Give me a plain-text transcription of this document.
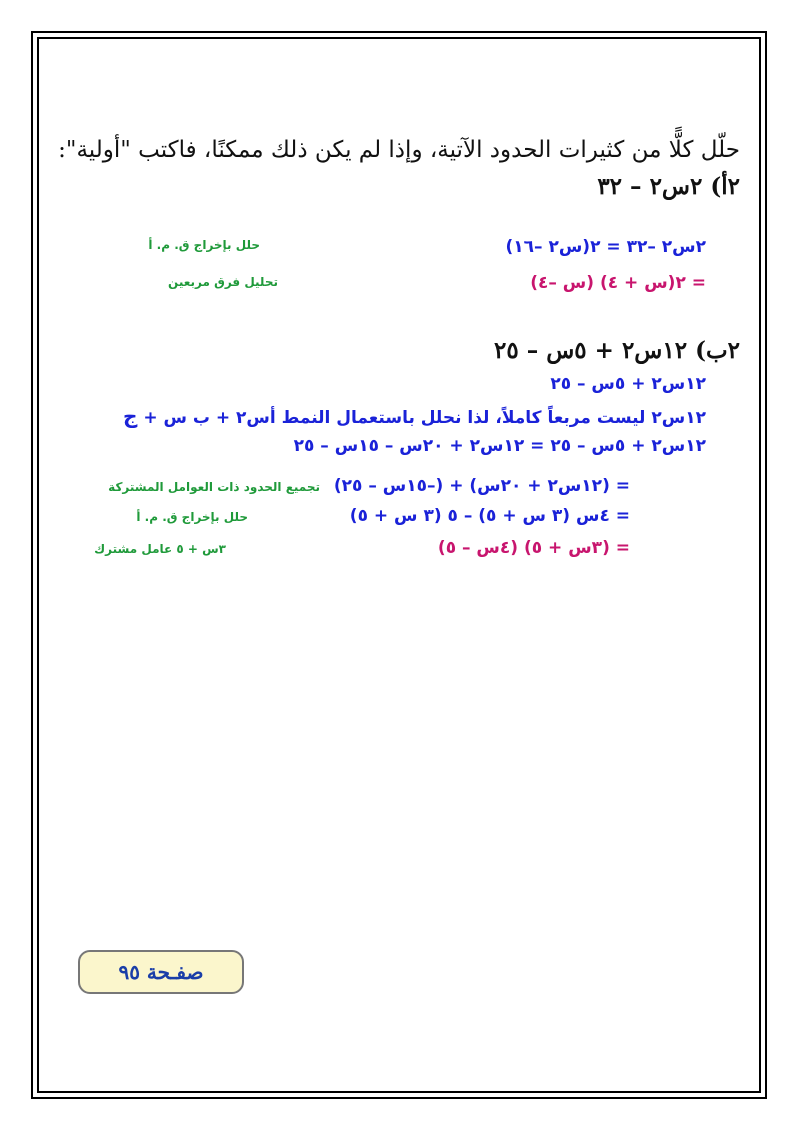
حلّل كلًّا من كثيرات الحدود الآتية، وإذا لم يكن ذلك ممكنًا، فاكتب "أولية":
٢أ) ٢س٢ – ٣٢
٢س٢ –٣٢ = ٢(س٢ –١٦)
حلل بإخراج ق. م. أ
= ٢(س + ٤) (س –٤)
تحليل فرق مربعين
٢ب) ١٢س٢ + ٥س – ٢٥
١٢س٢ + ٥س – ٢٥
١٢س٢ ليست مربعاً كاملاً، لذا نحلل باستعمال النمط أس٢ + ب س + ج
١٢س٢ + ٥س – ٢٥ = ١٢س٢ + ٢٠س – ١٥س – ٢٥
= (١٢س٢ + ٢٠س) + (–١٥س – ٢٥)
تجميع الحدود ذات العوامل المشتركة
= ٤س (٣ س + ٥) – ٥ (٣ س + ٥)
حلل بإخراج ق. م. أ
= (٣س + ٥) (٤س – ٥)
٣س + ٥ عامل مشترك
صفـحة ٩٥
